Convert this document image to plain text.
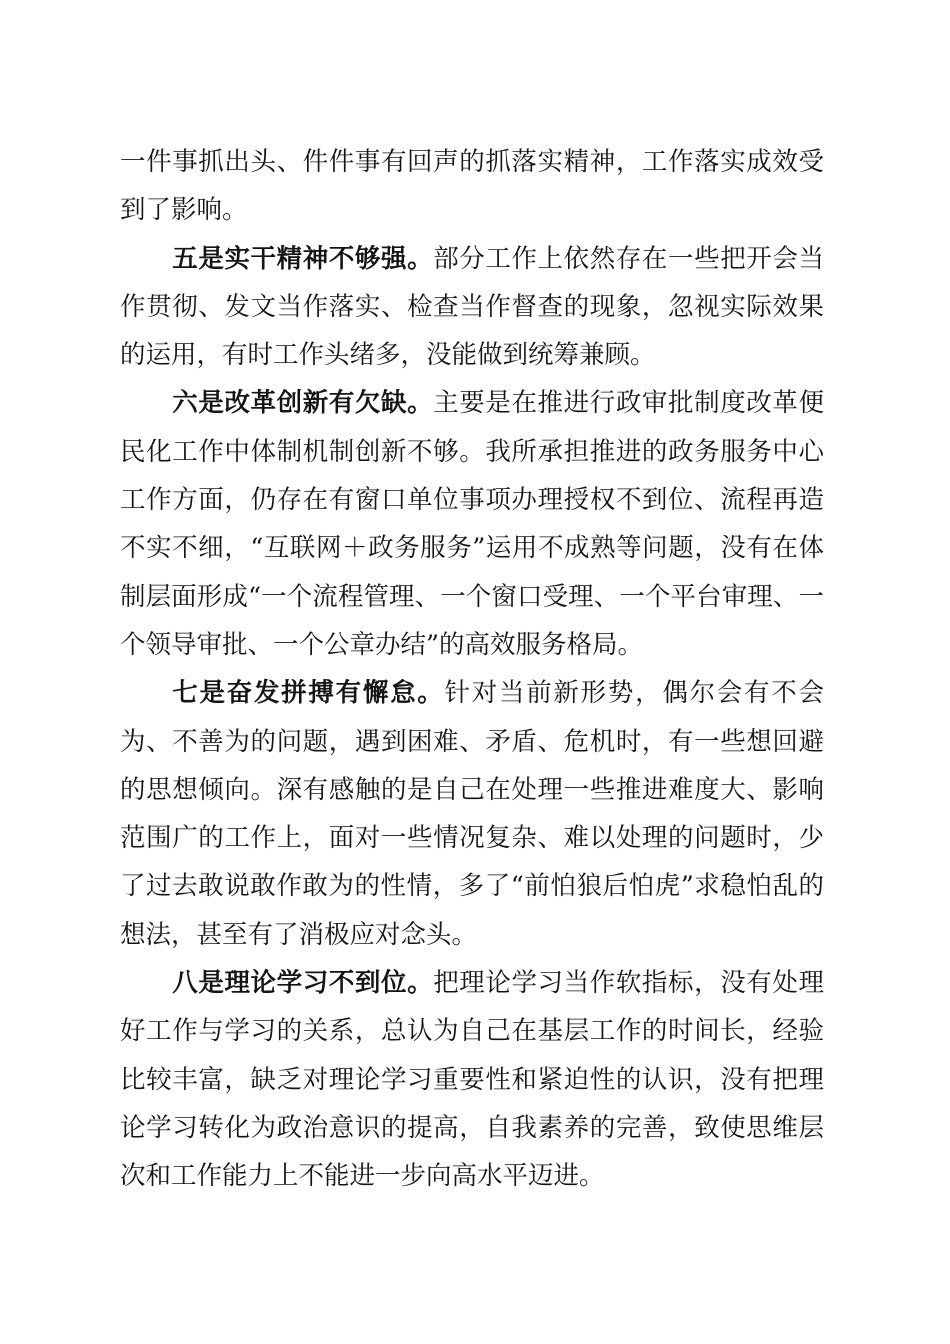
一件事抓出头、件件事有回声的抓落实精神，工作落实成效受到了影响。

五是实干精神不够强。部分工作上依然存在一些把开会当作贯彻、发文当作落实、检查当作督查的现象，忽视实际效果的运用，有时工作头绪多，没能做到统筹兼顾。

六是改革创新有欠缺。主要是在推进行政审批制度改革便民化工作中体制机制创新不够。我所承担推进的政务服务中心工作方面，仍存在有窗口单位事项办理授权不到位、流程再造不实不细，“互联网＋政务服务”运用不成熟等问题，没有在体制层面形成“一个流程管理、一个窗口受理、一个平台审理、一个领导审批、一个公章办结”的高效服务格局。

七是奋发拼搏有懈怠。针对当前新形势，偶尔会有不会为、不善为的问题，遇到困难、矛盾、危机时，有一些想回避的思想倾向。深有感触的是自己在处理一些推进难度大、影响范围广的工作上，面对一些情况复杂、难以处理的问题时，少了过去敢说敢作敢为的性情，多了“前怕狼后怕虎”求稳怕乱的想法，甚至有了消极应对念头。

八是理论学习不到位。把理论学习当作软指标，没有处理好工作与学习的关系，总认为自己在基层工作的时间长，经验比较丰富，缺乏对理论学习重要性和紧迫性的认识，没有把理论学习转化为政治意识的提高，自我素养的完善，致使思维层次和工作能力上不能进一步向高水平迈进。
